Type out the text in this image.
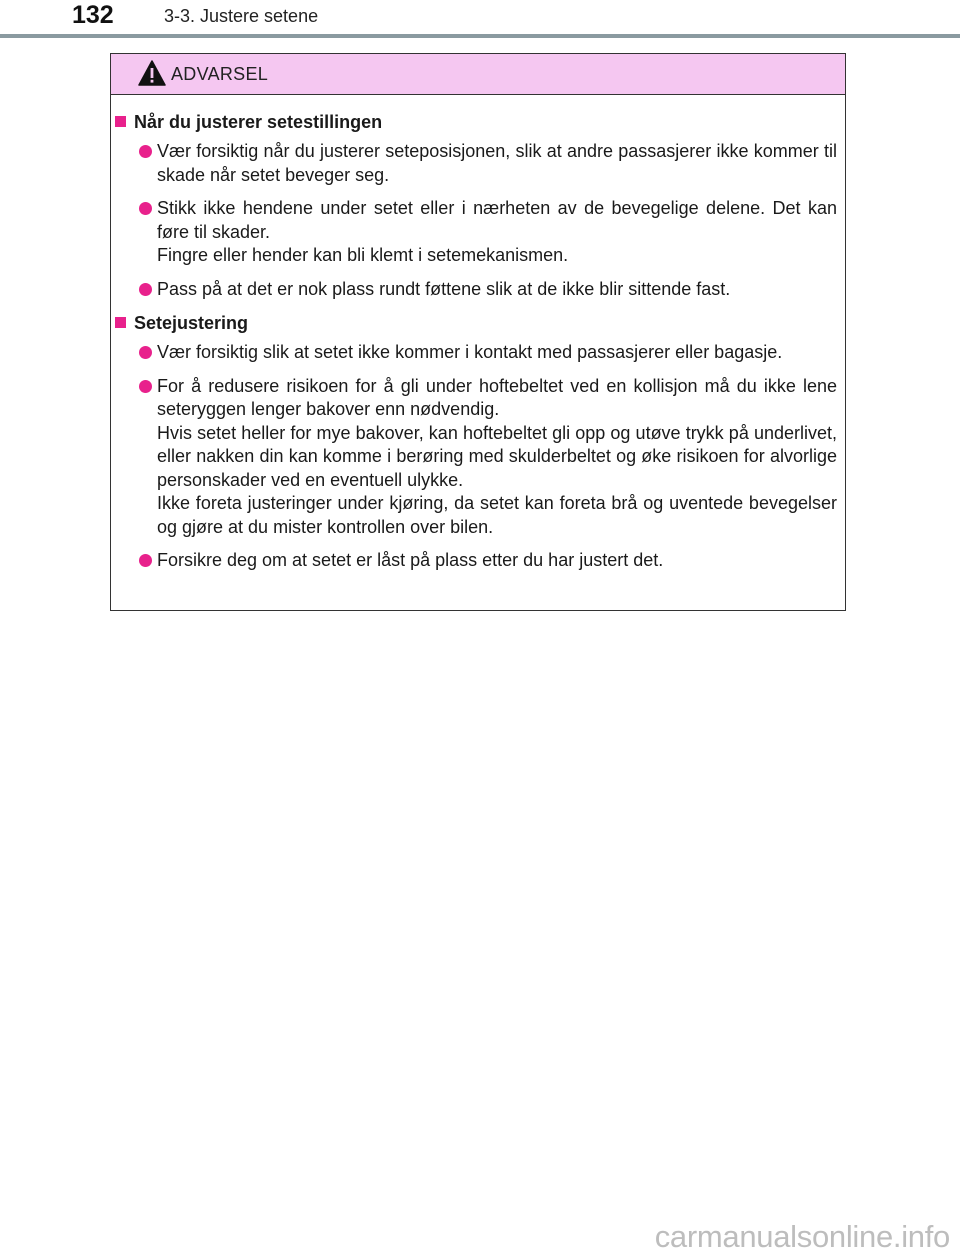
132	3-3. Justere setene
ADVARSEL
Når du justerer setestillingen

Vær forsiktig når du justerer seteposisjonen, slik at andre passasjerer ikke kommer til skade når setet beveger seg.

Stikk ikke hendene under setet eller i nærheten av de bevegelige delene. Det kan føre til skader.

Fingre eller hender kan bli klemt i setemekanismen.

Pass på at det er nok plass rundt føttene slik at de ikke blir sittende fast.

Setejustering

Vær forsiktig slik at setet ikke kommer i kontakt med passasjerer eller bagasje.

For å redusere risikoen for å gli under hoftebeltet ved en kollisjon må du ikke lene seteryggen lenger bakover enn nødvendig.

Hvis setet heller for mye bakover, kan hoftebeltet gli opp og utøve trykk på underlivet, eller nakken din kan komme i berøring med skulderbeltet og øke risikoen for alvorlige personskader ved en eventuell ulykke.

Ikke foreta justeringer under kjøring, da setet kan foreta brå og uventede bevegelser og gjøre at du mister kontrollen over bilen.

Forsikre deg om at setet er låst på plass etter du har justert det.

carmanualsonline.info
